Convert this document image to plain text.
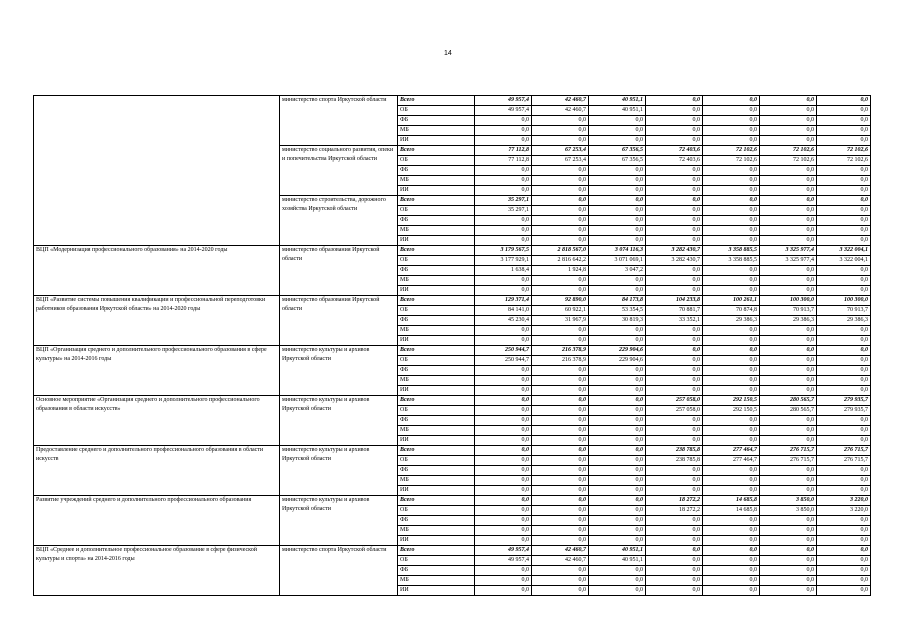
14
	министерство спорта Иркутской области	Всего	49 957,4	42 460,7	40 951,1	0,0	0,0	0,0	0,0
		ОБ	49 957,4	42 460,7	40 951,1	0,0	0,0	0,0	0,0
		ФБ	0,0	0,0	0,0	0,0	0,0	0,0	0,0
		МБ	0,0	0,0	0,0	0,0	0,0	0,0	0,0
		ИИ	0,0	0,0	0,0	0,0	0,0	0,0	0,0
	министерство социального развития, опеки и попечительства Иркутской области	Всего	77 112,8	67 253,4	67 356,5	72 403,6	72 102,6	72 102,6	72 102,6
		ОБ	77 112,8	67 253,4	67 356,5	72 403,6	72 102,6	72 102,6	72 102,6
		ФБ	0,0	0,0	0,0	0,0	0,0	0,0	0,0
		МБ	0,0	0,0	0,0	0,0	0,0	0,0	0,0
		ИИ	0,0	0,0	0,0	0,0	0,0	0,0	0,0
	министерство строительства, дорожного хозяйства Иркутской области	Всего	35 297,1	0,0	0,0	0,0	0,0	0,0	0,0
		ОБ	35 297,1	0,0	0,0	0,0	0,0	0,0	0,0
		ФБ	0,0	0,0	0,0	0,0	0,0	0,0	0,0
		МБ	0,0	0,0	0,0	0,0	0,0	0,0	0,0
		ИИ	0,0	0,0	0,0	0,0	0,0	0,0	0,0
ВЦП «Модернизация профессионального образования» на 2014-2020 годы	министерство образования Иркутской области	Всего	3 179 567,5	2 818 567,0	3 074 116,3	3 282 430,7	3 358 885,5	3 325 977,4	3 322 004,1
		ОБ	3 177 929,1	2 816 642,2	3 071 069,1	3 282 430,7	3 358 885,5	3 325 977,4	3 322 004,1
		ФБ	1 638,4	1 924,8	3 047,2	0,0	0,0	0,0	0,0
		МБ	0,0	0,0	0,0	0,0	0,0	0,0	0,0
		ИИ	0,0	0,0	0,0	0,0	0,0	0,0	0,0
ВЦП «Развитие системы повышения квалификации и профессиональной переподготовки работников образования Иркутской области» на 2014-2020 годы	министерство образования Иркутской области	Всего	129 371,4	92 890,0	84 173,8	104 233,8	100 261,1	100 300,0	100 300,0
		ОБ	84 141,0	60 922,1	53 354,5	70 881,7	70 874,8	70 913,7	70 913,7
		ФБ	45 230,4	31 967,9	30 819,3	33 352,1	29 386,3	29 386,3	29 386,3
		МБ	0,0	0,0	0,0	0,0	0,0	0,0	0,0
		ИИ	0,0	0,0	0,0	0,0	0,0	0,0	0,0
ВЦП «Организация среднего и дополнительного профессионального образования в сфере культуры» на 2014-2016 годы	министерство культуры и архивов Иркутской области	Всего	250 944,7	216 378,9	229 904,6	0,0	0,0	0,0	0,0
		ОБ	250 944,7	216 378,9	229 904,6	0,0	0,0	0,0	0,0
		ФБ	0,0	0,0	0,0	0,0	0,0	0,0	0,0
		МБ	0,0	0,0	0,0	0,0	0,0	0,0	0,0
		ИИ	0,0	0,0	0,0	0,0	0,0	0,0	0,0
Основное мероприятие «Организация среднего и дополнительного профессионального образования в области искусств»	министерство культуры и архивов Иркутской области	Всего	0,0	0,0	0,0	257 058,0	292 150,5	280 565,7	279 935,7
		ОБ	0,0	0,0	0,0	257 058,0	292 150,5	280 565,7	279 935,7
		ФБ	0,0	0,0	0,0	0,0	0,0	0,0	0,0
		МБ	0,0	0,0	0,0	0,0	0,0	0,0	0,0
		ИИ	0,0	0,0	0,0	0,0	0,0	0,0	0,0
Предоставление среднего и дополнительного профессионального образования в области искусств	министерство культуры и архивов Иркутской области	Всего	0,0	0,0	0,0	238 785,8	277 464,7	276 715,7	276 715,7
		ОБ	0,0	0,0	0,0	238 785,8	277 464,7	276 715,7	276 715,7
		ФБ	0,0	0,0	0,0	0,0	0,0	0,0	0,0
		МБ	0,0	0,0	0,0	0,0	0,0	0,0	0,0
		ИИ	0,0	0,0	0,0	0,0	0,0	0,0	0,0
Развитие учреждений среднего и дополнительного профессионального образования	министерство культуры и архивов Иркутской области	Всего	0,0	0,0	0,0	18 272,2	14 685,8	3 850,0	3 220,0
		ОБ	0,0	0,0	0,0	18 272,2	14 685,8	3 850,0	3 220,0
		ФБ	0,0	0,0	0,0	0,0	0,0	0,0	0,0
		МБ	0,0	0,0	0,0	0,0	0,0	0,0	0,0
		ИИ	0,0	0,0	0,0	0,0	0,0	0,0	0,0
ВЦП «Среднее и дополнительное профессиональное образование в сфере физической культуры и спорта» на 2014-2016 годы	министерство спорта Иркутской области	Всего	49 957,4	42 460,7	40 951,1	0,0	0,0	0,0	0,0
		ОБ	49 957,4	42 460,7	40 951,1	0,0	0,0	0,0	0,0
		ФБ	0,0	0,0	0,0	0,0	0,0	0,0	0,0
		МБ	0,0	0,0	0,0	0,0	0,0	0,0	0,0
		ИИ	0,0	0,0	0,0	0,0	0,0	0,0	0,0
